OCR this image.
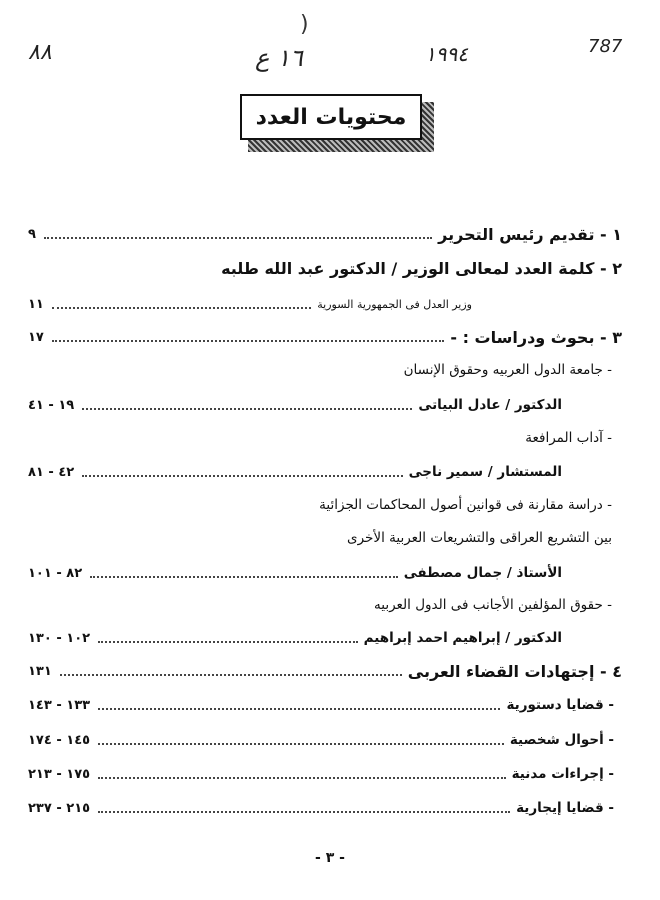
)
٨٨	١٦ ع	١٩٩٤	787
محتويات العدد
٩	١ - تقديم رئيس التحرير
٢ - كلمة العدد لمعالى الوزير / الدكتور عبد الله طلبه
١١	وزير العدل فى الجمهورية السورية
١٧	٣ - بحوث ودراسات : -
- جامعة الدول العربيه وحقوق الإنسان
١٩ - ٤١	الدكتور / عادل البياتى
- آداب المرافعة
٤٢ - ٨١	المستشار / سمير ناجى
- دراسة مقارنة فى قوانين أصول المحاكمات الجزائية
بين التشريع العراقى والتشريعات العربية الأخرى
٨٢ - ١٠١	الأستاذ / جمال مصطفى
- حقوق المؤلفين الأجانب فى الدول العربيه
١٠٢ - ١٣٠	الدكتور / إبراهيم احمد إبراهيم
١٣١	٤ - إجتهادات القضاء العربى
١٣٣ - ١٤٣	- قضايا دستورية
١٤٥ - ١٧٤	- أحوال شخصية
١٧٥ - ٢١٣	- إجراءات مدنية
٢١٥ - ٢٣٧	- قضايا إيجارية
- ٣ -
